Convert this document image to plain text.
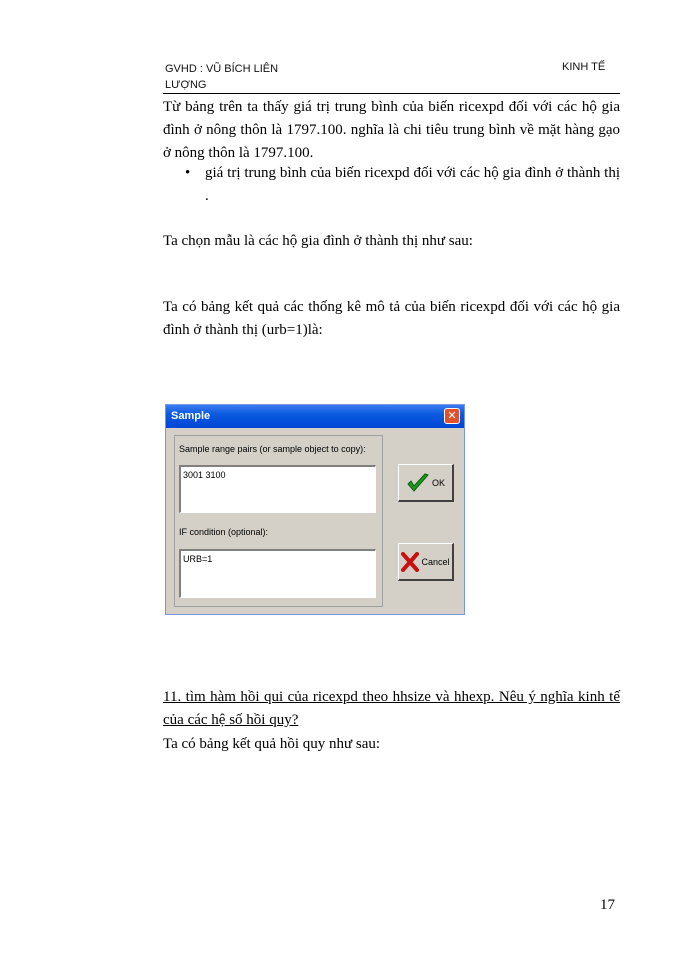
GVHD : VŨ BÍCH LIÊN
LƯỢNG
KINH TẾ
Từ bảng trên ta thấy giá trị trung bình của biến ricexpd đối với các hộ gia đình ở nông thôn là 1797.100. nghĩa là chi tiêu trung bình về mặt hàng gạo ở nông thôn là 1797.100.
• giá trị trung bình của biến ricexpd đối với các hộ gia đình ở thành thị .
Ta chọn mẫu là các hộ gia đình ở thành thị như sau:
Ta có bảng kết quả các thống kê mô tả của biến ricexpd đối với các hộ gia đình ở thành thị (urb=1)là:
Sample	✕
Sample range pairs (or sample object to copy):
3001 3100
IF condition (optional):
URB=1
OK
Cancel
11. tìm hàm hồi qui của ricexpd theo hhsize và hhexp. Nêu ý nghĩa kinh tế của các hệ số hồi quy?
Ta có bảng kết quả hồi quy như sau:
17
